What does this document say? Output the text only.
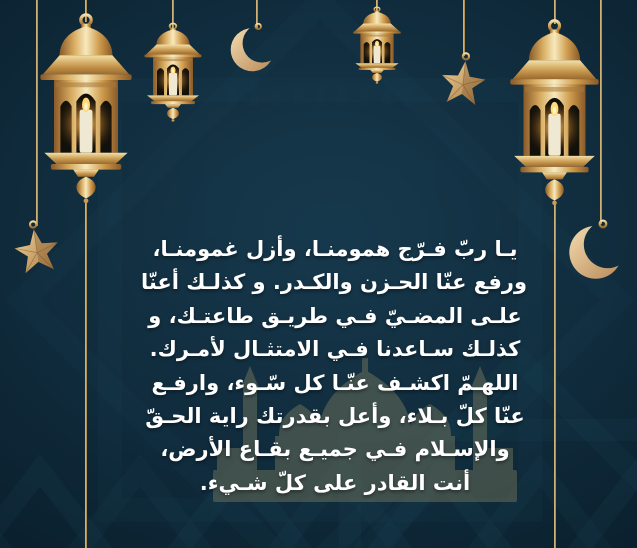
يـا ربّ فـرّج همومنـا، وأزل غمومنـا،
ورفع عنّا الحـزن والكـدر. و كذلـك أعنّا
علـى المضـيّ فـي طريـق طاعتـك، و
كذلـك سـاعدنا فـي الامتثـال لأمـرك.
اللهـمّ اكشـف عنّـا كل سّـوء، وارفـع
عنّا كلّ بـلاء، وأعل بقدرتك راية الحـقّ
والإسـلام فـي جميـع بقـاع الأرض،
أنت القادر على كلّ شـيء.
